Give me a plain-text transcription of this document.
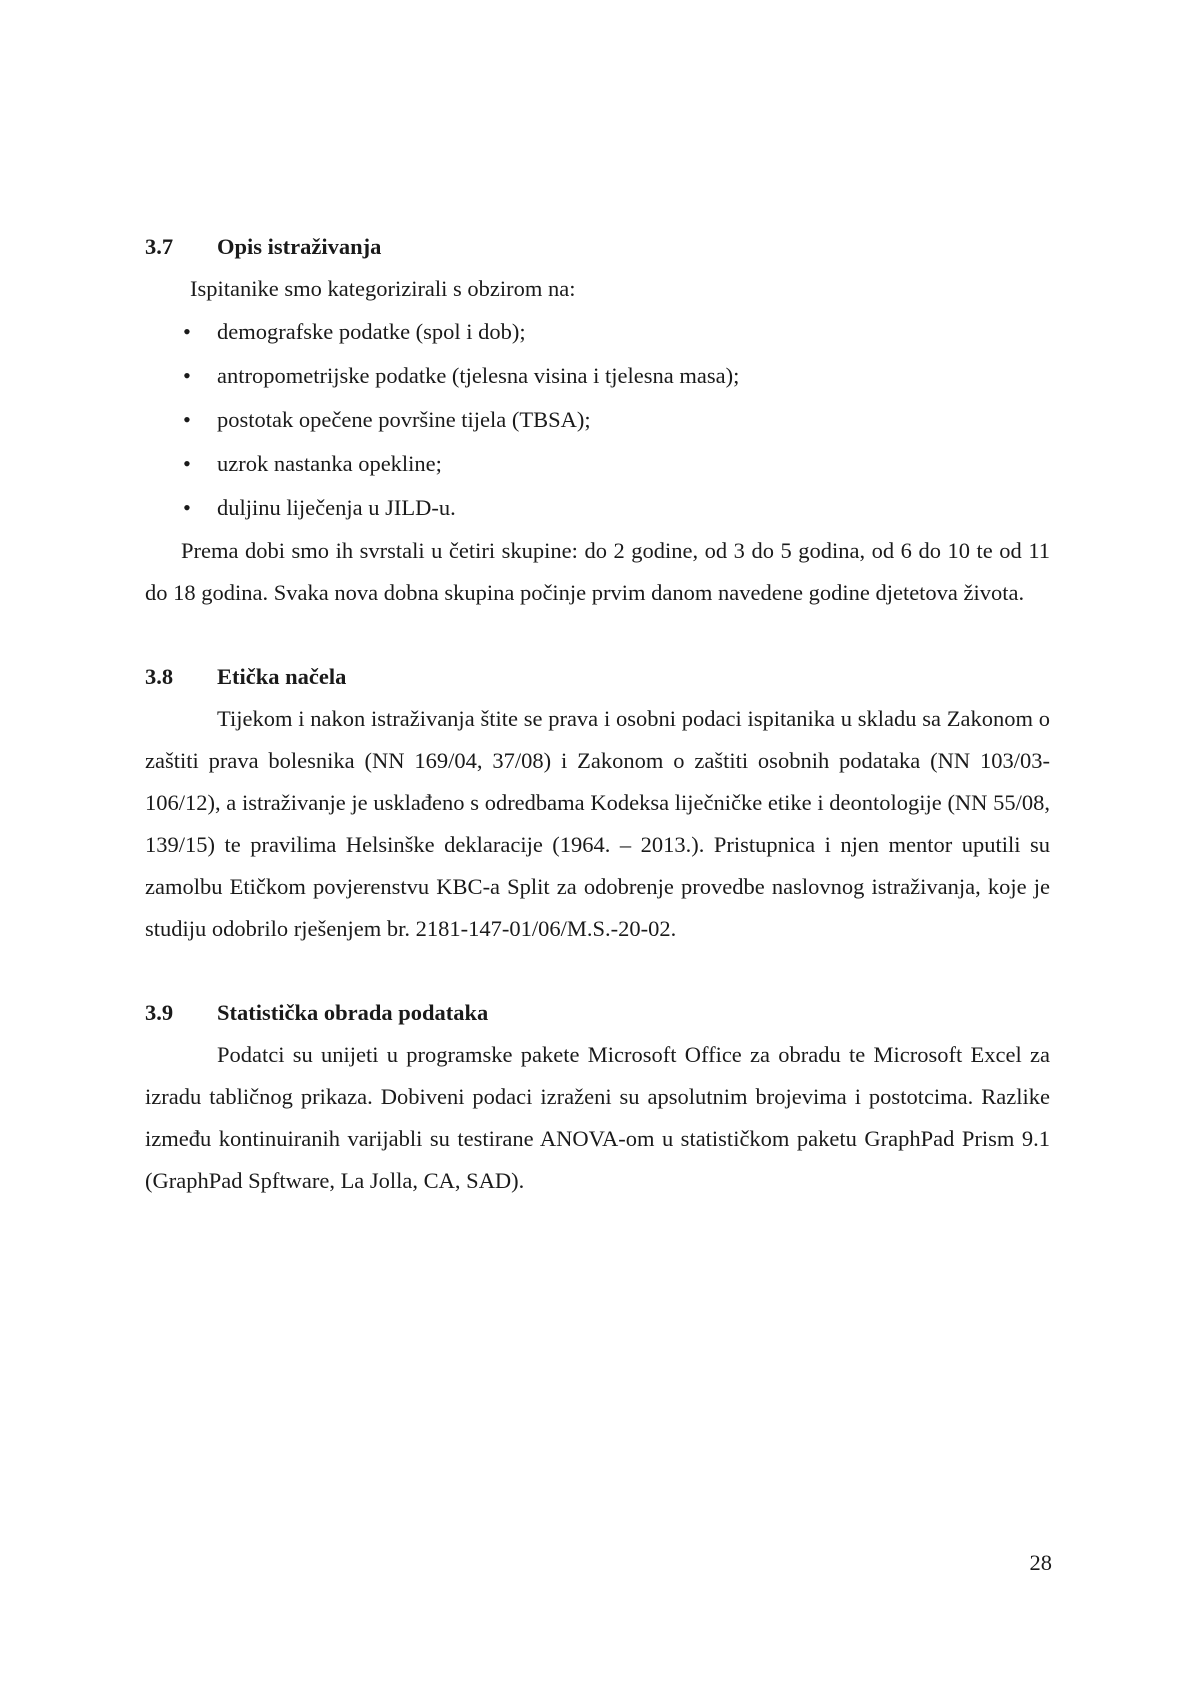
3.7	Opis istraživanja

Ispitanike smo kategorizirali s obzirom na:

• demografske podatke (spol i dob);
• antropometrijske podatke (tjelesna visina i tjelesna masa);
• postotak opečene površine tijela (TBSA);
• uzrok nastanka opekline;
• duljinu liječenja u JILD-u.

Prema dobi smo ih svrstali u četiri skupine: do 2 godine, od 3 do 5 godina, od 6 do 10 te od 11 do 18 godina. Svaka nova dobna skupina počinje prvim danom navedene godine djetetova života.

3.8	Etička načela

Tijekom i nakon istraživanja štite se prava i osobni podaci ispitanika u skladu sa Zakonom o zaštiti prava bolesnika (NN 169/04, 37/08) i Zakonom o zaštiti osobnih podataka (NN 103/03-106/12), a istraživanje je usklađeno s odredbama Kodeksa liječničke etike i deontologije (NN 55/08, 139/15) te pravilima Helsinške deklaracije (1964. – 2013.). Pristupnica i njen mentor uputili su zamolbu Etičkom povjerenstvu KBC-a Split za odobrenje provedbe naslovnog istraživanja, koje je studiju odobrilo rješenjem br. 2181-147-01/06/M.S.-20-02.

3.9	Statistička obrada podataka

Podatci su unijeti u programske pakete Microsoft Office za obradu te Microsoft Excel za izradu tabličnog prikaza. Dobiveni podaci izraženi su apsolutnim brojevima i postotcima. Razlike između kontinuiranih varijabli su testirane ANOVA-om u statističkom paketu GraphPad Prism 9.1 (GraphPad Spftware, La Jolla, CA, SAD).

28
